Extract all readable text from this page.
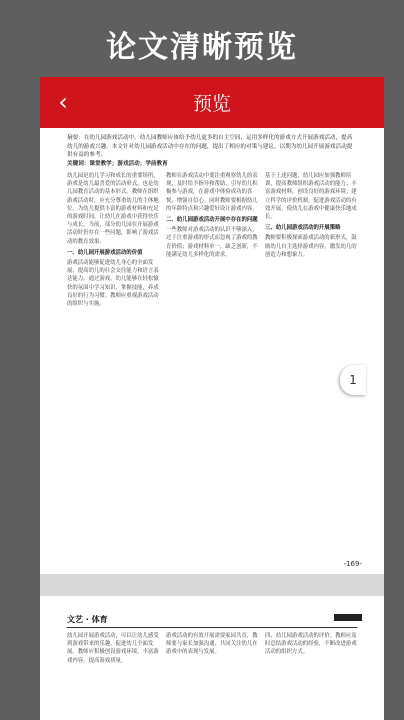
论文清晰预览
‹	预览
摘要：在幼儿园游戏活动中，幼儿园教师应该给予幼儿更多的自主空间，运用多样化的游戏方式开展游戏活动，提高幼儿的游戏兴趣。本文针对幼儿园游戏活动中存在的问题，提出了相应的对策与建议，以期为幼儿园开展游戏活动提供有益的参考。
关键词：课堂教学；游戏活动；学前教育
幼儿园是幼儿学习和成长的重要场所，游戏是幼儿最喜爱的活动形式，也是幼儿园教育活动的基本形式。教师在组织游戏活动时，应充分尊重幼儿的主体地位，为幼儿提供丰富的游戏材料和充足的游戏时间，让幼儿在游戏中获得快乐与成长。当前，部分幼儿园在开展游戏活动时仍存在一些问题，影响了游戏活动的教育效果。
一、幼儿园开展游戏活动的价值
游戏活动能够促进幼儿身心的全面发展，提高幼儿的社会交往能力和语言表达能力。通过游戏，幼儿能够在轻松愉快的氛围中学习知识、掌握技能，养成良好的行为习惯。教师应重视游戏活动的组织与实施。
教师在游戏活动中要注重观察幼儿的表现，及时给予指导和帮助，引导幼儿积极参与游戏，在游戏中体验成功的喜悦，增强自信心。同时教师要根据幼儿的年龄特点和兴趣爱好设计游戏内容。
二、幼儿园游戏活动开展中存在的问题
一些教师对游戏活动的认识不够深入，过于注重游戏的形式而忽视了游戏的教育价值；游戏材料单一，缺乏创新，不能满足幼儿多样化的需求。
基于上述问题，幼儿园应加强教师培训，提高教师组织游戏活动的能力；丰富游戏材料，创设良好的游戏环境；建立科学的评价机制，促进游戏活动的有效开展，使幼儿在游戏中健康快乐地成长。
三、幼儿园游戏活动的开展策略
教师要积极探索游戏活动的新形式，鼓励幼儿自主选择游戏内容，激发幼儿的创造力和想象力。
-169-
文艺 · 体育
幼儿园开展游戏活动，可以让幼儿感受到游戏带来的乐趣，促进幼儿全面发展。教师应积极创设游戏环境，丰富游戏内容，提高游戏质量。
游戏活动的有效开展需要家园共育，教师要与家长加强沟通，共同关注幼儿在游戏中的表现与发展。
四、幼儿园游戏活动的评价。教师应及时总结游戏活动的经验，不断改进游戏活动的组织方式。
1
